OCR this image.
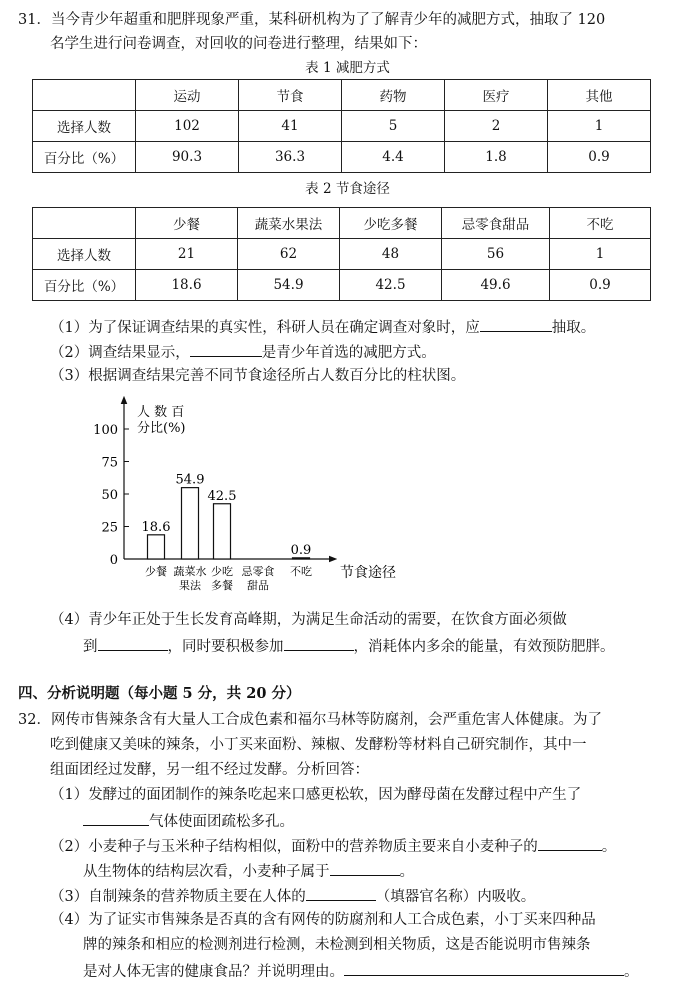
31．当今青少年超重和肥胖现象严重，某科研机构为了了解青少年的减肥方式，抽取了 120
名学生进行问卷调查，对回收的问卷进行整理，结果如下：
表 1 减肥方式
	运动	节食	药物	医疗	其他
选择人数	102	41	5	2	1
百分比（%）	90.3	36.3	4.4	1.8	0.9
表 2 节食途径
	少餐	蔬菜水果法	少吃多餐	忌零食甜品	不吃
选择人数	21	62	48	56	1
百分比（%）	18.6	54.9	42.5	49.6	0.9
（1）为了保证调查结果的真实性，科研人员在确定调查对象时，应	抽取。
（2）调查结果显示，	是青少年首选的减肥方式。
（3）根据调查结果完善不同节食途径所占人数百分比的柱状图。
人 数 百
分比(%)
节食途径
0
25
50
75
100
18.6
少餐
54.9
蔬菜水
果法
42.5
少吃
多餐
忌零食
甜品
0.9
不吃
（4）青少年正处于生长发育高峰期，为满足生命活动的需要，在饮食方面必须做
到	，同时要积极参加	，消耗体内多余的能量，有效预防肥胖。
四、分析说明题（每小题 5 分，共 20 分）
32．网传市售辣条含有大量人工合成色素和福尔马林等防腐剂，会严重危害人体健康。为了
吃到健康又美味的辣条，小丁买来面粉、辣椒、发酵粉等材料自己研究制作，其中一
组面团经过发酵，另一组不经过发酵。分析回答：
（1）发酵过的面团制作的辣条吃起来口感更松软，因为酵母菌在发酵过程中产生了
气体使面团疏松多孔。
（2）小麦种子与玉米种子结构相似，面粉中的营养物质主要来自小麦种子的	。
从生物体的结构层次看，小麦种子属于	。
（3）自制辣条的营养物质主要在人体的	（填器官名称）内吸收。
（4）为了证实市售辣条是否真的含有网传的防腐剂和人工合成色素，小丁买来四种品
牌的辣条和相应的检测剂进行检测，未检测到相关物质，这是否能说明市售辣条
是对人体无害的健康食品？并说明理由。	。
